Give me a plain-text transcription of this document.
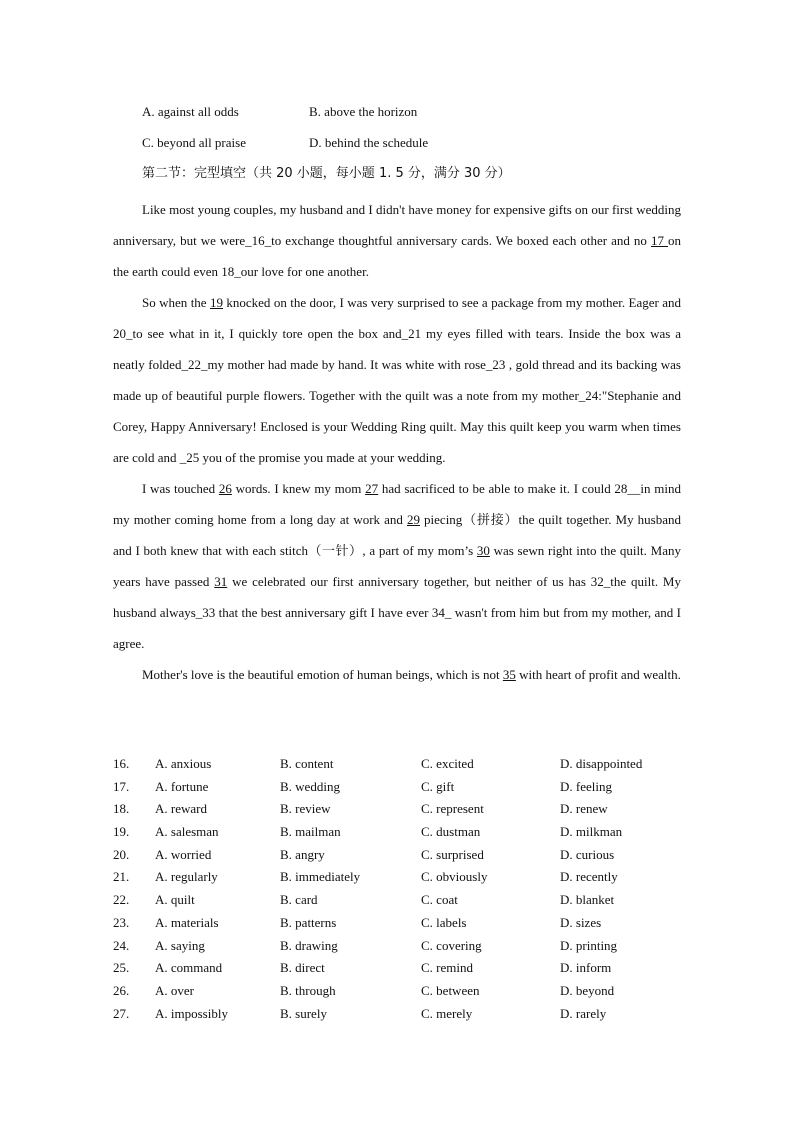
A. against all odds	B. above the horizon
C. beyond all praise	D. behind the schedule
第二节：完型填空（共 20 小题，每小题 1. 5 分，满分 30 分）

Like most young couples, my husband and I didn't have money for expensive gifts on our first wedding anniversary, but we were_16_to exchange thoughtful anniversary cards. We boxed each other and no 17 on the earth could even 18_our love for one another.

So when the 19 knocked on the door, I was very surprised to see a package from my mother. Eager and 20_to see what in it, I quickly tore open the box and_21 my eyes filled with tears. Inside the box was a neatly folded_22_my mother had made by hand. It was white with rose_23 , gold thread and its backing was made up of beautiful purple flowers. Together with the quilt was a note from my mother_24:"Stephanie and Corey, Happy Anniversary! Enclosed is your Wedding Ring quilt. May this quilt keep you warm when times are cold and _25 you of the promise you made at your wedding.

I was touched 26 words. I knew my mom 27 had sacrificed to be able to make it. I could 28__in mind my mother coming home from a long day at work and 29 piecing（拼接）the quilt together. My husband and I both knew that with each stitch（一针）, a part of my mom’s 30 was sewn right into the quilt. Many years have passed 31 we celebrated our first anniversary together, but neither of us has 32_the quilt. My husband always_33 that the best anniversary gift I have ever 34_ wasn't from him but from my mother, and I agree.

Mother's love is the beautiful emotion of human beings, which is not 35 with heart of profit and wealth.

16. A. anxious	B. content	C. excited	D. disappointed
17. A. fortune	B. wedding	C. gift	D. feeling
18. A. reward	B. review	C. represent	D. renew
19. A. salesman	B. mailman	C. dustman	D. milkman
20. A. worried	B. angry	C. surprised	D. curious
21. A. regularly	B. immediately	C. obviously	D. recently
22. A. quilt	B. card	C. coat	D. blanket
23. A. materials	B. patterns	C. labels	D. sizes
24. A. saying	B. drawing	C. covering	D. printing
25. A. command	B. direct	C. remind	D. inform
26. A. over	B. through	C. between	D. beyond
27. A. impossibly	B. surely	C. merely	D. rarely
